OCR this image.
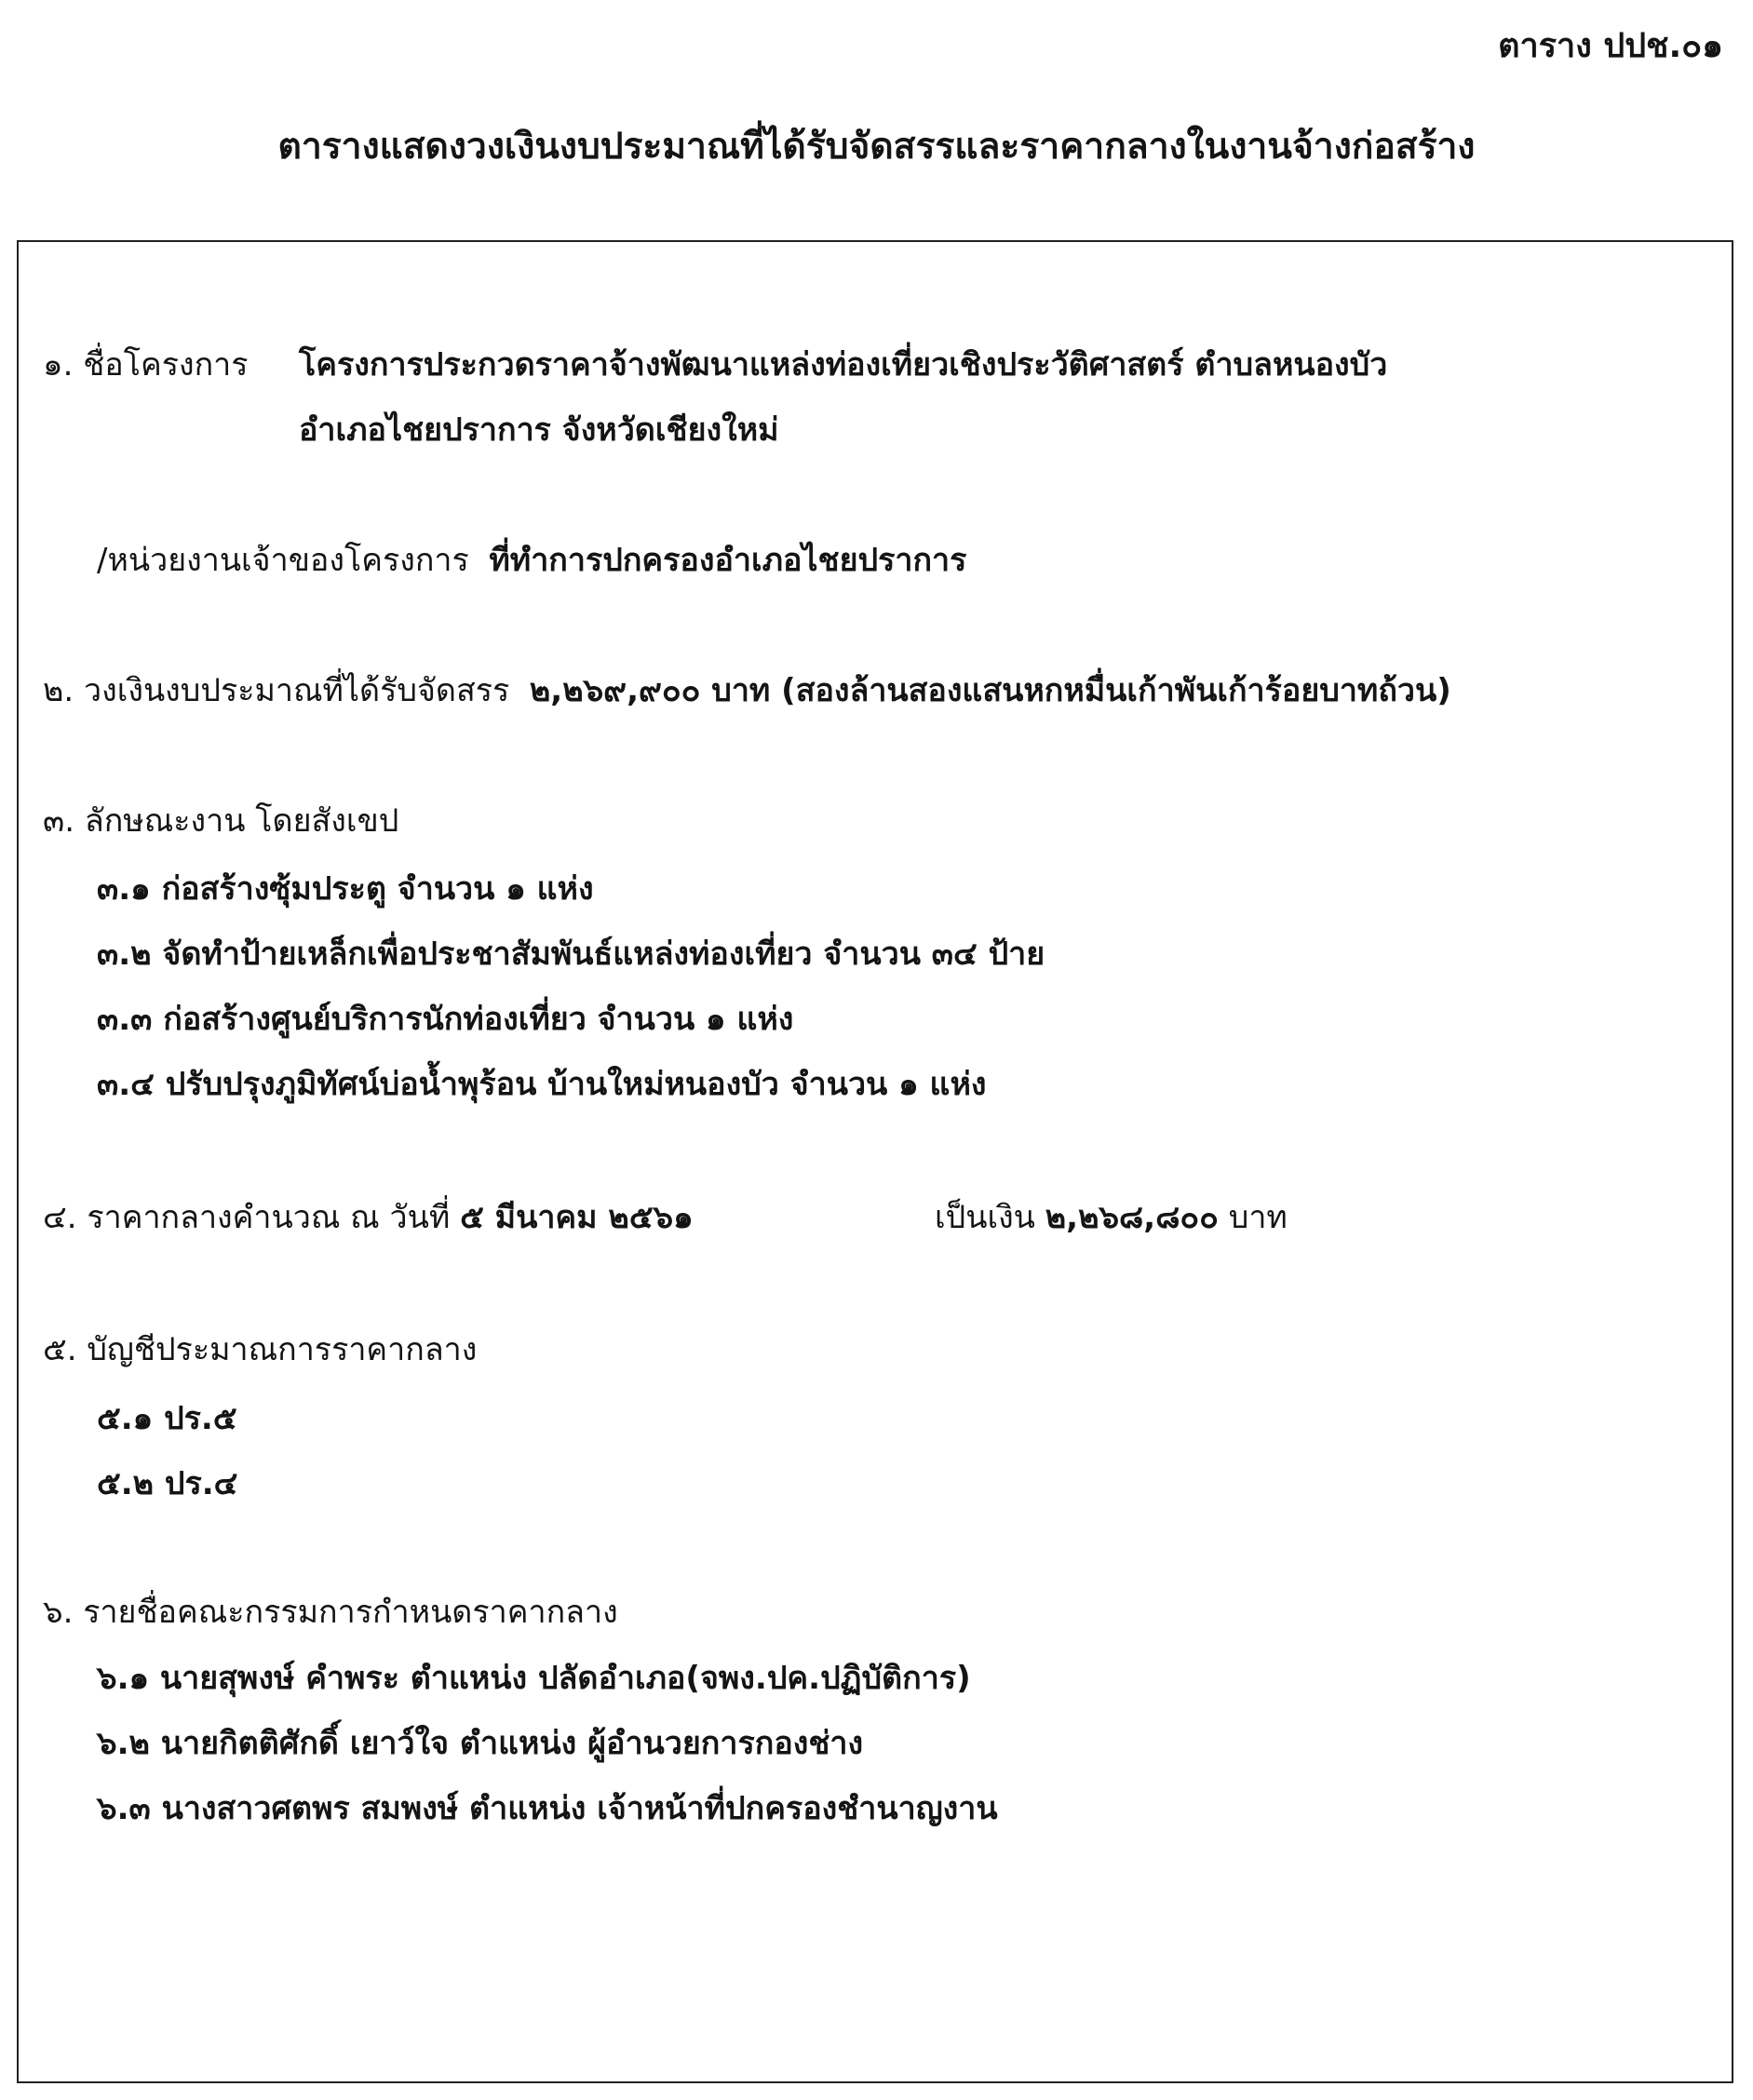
ตาราง ปปช.๐๑
ตารางแสดงวงเงินงบประมาณที่ได้รับจัดสรรและราคากลางในงานจ้างก่อสร้าง
๑. ชื่อโครงการ โครงการประกวดราคาจ้างพัฒนาแหล่งท่องเที่ยวเชิงประวัติศาสตร์ ตำบลหนองบัว
อำเภอไชยปราการ จังหวัดเชียงใหม่
/หน่วยงานเจ้าของโครงการ ที่ทำการปกครองอำเภอไชยปราการ
๒. วงเงินงบประมาณที่ได้รับจัดสรร ๒,๒๖๙,๙๐๐ บาท (สองล้านสองแสนหกหมื่นเก้าพันเก้าร้อยบาทถ้วน)
๓. ลักษณะงาน โดยสังเขป
๓.๑ ก่อสร้างซุ้มประตู จำนวน ๑ แห่ง
๓.๒ จัดทำป้ายเหล็กเพื่อประชาสัมพันธ์แหล่งท่องเที่ยว จำนวน ๓๔ ป้าย
๓.๓ ก่อสร้างศูนย์บริการนักท่องเที่ยว จำนวน ๑ แห่ง
๓.๔ ปรับปรุงภูมิทัศน์บ่อน้ำพุร้อน บ้านใหม่หนองบัว จำนวน ๑ แห่ง
๔. ราคากลางคำนวณ ณ วันที่ ๕ มีนาคม ๒๕๖๑	เป็นเงิน ๒,๒๖๘,๘๐๐ บาท
๕. บัญชีประมาณการราคากลาง
๕.๑ ปร.๕
๕.๒ ปร.๔
๖. รายชื่อคณะกรรมการกำหนดราคากลาง
๖.๑ นายสุพงษ์ คำพระ ตำแหน่ง ปลัดอำเภอ(จพง.ปค.ปฏิบัติการ)
๖.๒ นายกิตติศักดิ์ เยาว์ใจ ตำแหน่ง ผู้อำนวยการกองช่าง
๖.๓ นางสาวศตพร สมพงษ์ ตำแหน่ง เจ้าหน้าที่ปกครองชำนาญงาน
